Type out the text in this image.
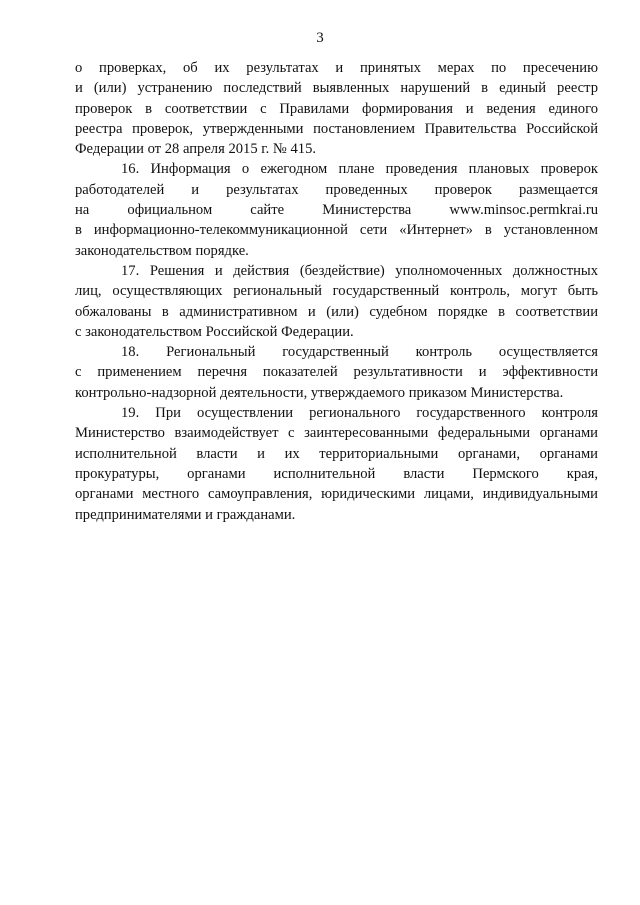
3
о проверках, об их результатах и принятых мерах по пресечению
и (или) устранению последствий выявленных нарушений в единый реестр
проверок в соответствии с Правилами формирования и ведения единого
реестра проверок, утвержденными постановлением Правительства Российской
Федерации от 28 апреля 2015 г. № 415.
16. Информация о ежегодном плане проведения плановых проверок
работодателей и результатах проведенных проверок размещается
на официальном сайте Министерства www.minsoc.permkrai.ru
в информационно-телекоммуникационной сети «Интернет» в установленном
законодательством порядке.
17. Решения и действия (бездействие) уполномоченных должностных
лиц, осуществляющих региональный государственный контроль, могут быть
обжалованы в административном и (или) судебном порядке в соответствии
с законодательством Российской Федерации.
18. Региональный государственный контроль осуществляется
с применением перечня показателей результативности и эффективности
контрольно-надзорной деятельности, утверждаемого приказом Министерства.
19. При осуществлении регионального государственного контроля
Министерство взаимодействует с заинтересованными федеральными органами
исполнительной власти и их территориальными органами, органами
прокуратуры, органами исполнительной власти Пермского края,
органами местного самоуправления, юридическими лицами, индивидуальными
предпринимателями и гражданами.
